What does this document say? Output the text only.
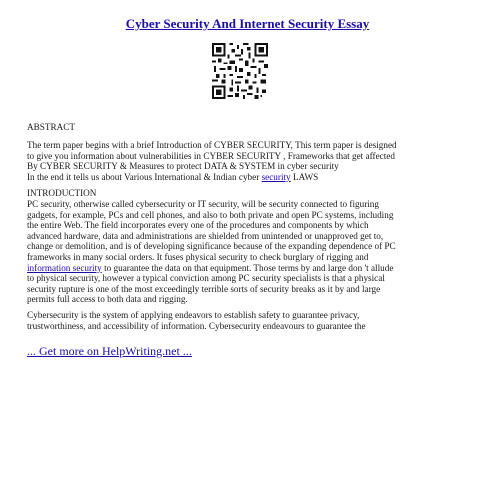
Cyber Security And Internet Security Essay
ABSTRACT
The term paper begins with a brief Introduction of CYBER SECURITY, This term paper is designed
to give you information about vulnerabilities in CYBER SECURITY , Frameworks that get affected
By CYBER SECURITY & Measures to protect DATA & SYSTEM in cyber security
In the end it tells us about Various International & Indian cyber security LAWS
INTRODUCTION
PC security, otherwise called cybersecurity or IT security, will be security connected to figuring
gadgets, for example, PCs and cell phones, and also to both private and open PC systems, including
the entire Web. The field incorporates every one of the procedures and components by which
advanced hardware, data and administrations are shielded from unintended or unapproved get to,
change or demolition, and is of developing significance because of the expanding dependence of PC
frameworks in many social orders. It fuses physical security to check burglary of rigging and
information security to guarantee the data on that equipment. Those terms by and large don 't allude
to physical security, however a typical conviction among PC security specialists is that a physical
security rupture is one of the most exceedingly terrible sorts of security breaks as it by and large
permits full access to both data and rigging.
Cybersecurity is the system of applying endeavors to establish safety to guarantee privacy,
trustworthiness, and accessibility of information. Cybersecurity endeavours to guarantee the
... Get more on HelpWriting.net ...
